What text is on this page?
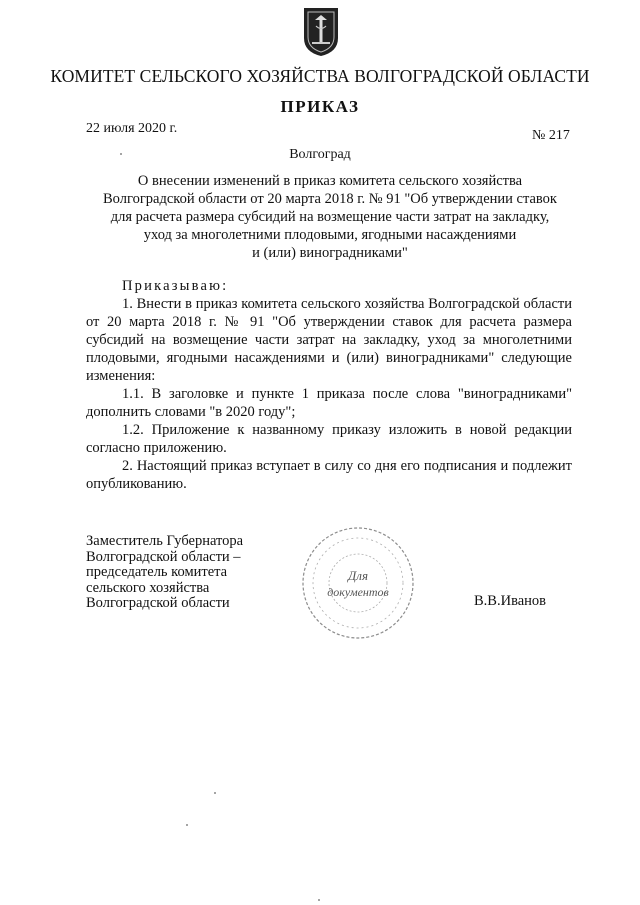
КОМИТЕТ СЕЛЬСКОГО ХОЗЯЙСТВА ВОЛГОГРАДСКОЙ ОБЛАСТИ
ПРИКАЗ
22 июля 2020 г.	№ 217
Волгоград
О внесении изменений в приказ комитета сельского хозяйства
Волгоградской области от 20 марта 2018 г. № 91 "Об утверждении ставок
для расчета размера субсидий на возмещение части затрат на закладку,
уход за многолетними плодовыми, ягодными насаждениями
и (или) виноградниками"

Приказываю:

1. Внести в приказ комитета сельского хозяйства Волгоградской области от 20 марта 2018 г. № 91 "Об утверждении ставок для расчета размера субсидий на возмещение части затрат на закладку, уход за многолетними плодовыми, ягодными насаждениями и (или) виноградниками" следующие изменения:

1.1. В заголовке и пункте 1 приказа после слова "виноградниками" дополнить словами "в 2020 году";

1.2. Приложение к названному приказу изложить в новой редакции согласно приложению.

2. Настоящий приказ вступает в силу со дня его подписания и подлежит опубликованию.

Заместитель Губернатора
Волгоградской области –
председатель комитета
сельского хозяйства
Волгоградской области	В.В.Иванов
Для
документов
